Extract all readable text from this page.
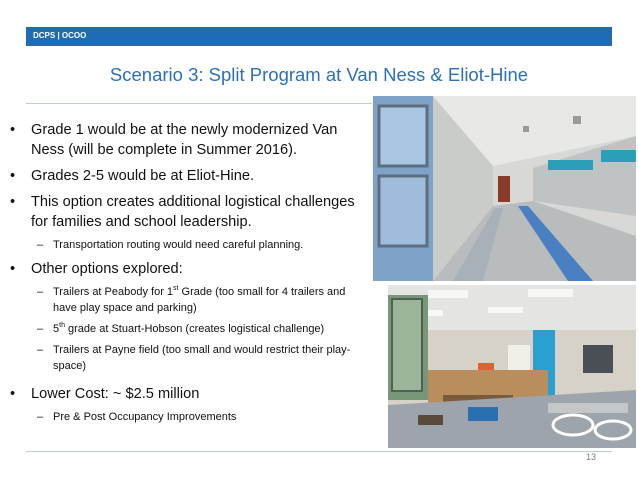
DCPS | OCOO
Scenario 3: Split Program at Van Ness & Eliot-Hine
• Grade 1 would be at the newly modernized Van Ness (will be complete in Summer 2016).
• Grades 2-5 would be at Eliot-Hine.
• This option creates additional logistical challenges for families and school leadership.
– Transportation routing would need careful planning.
• Other options explored:
– Trailers at Peabody for 1st Grade (too small for 4 trailers and have play space and parking)
– 5th grade at Stuart-Hobson (creates logistical challenge)
– Trailers at Payne field (too small and would restrict their play-space)
• Lower Cost: ~ $2.5 million
– Pre & Post Occupancy Improvements
13
